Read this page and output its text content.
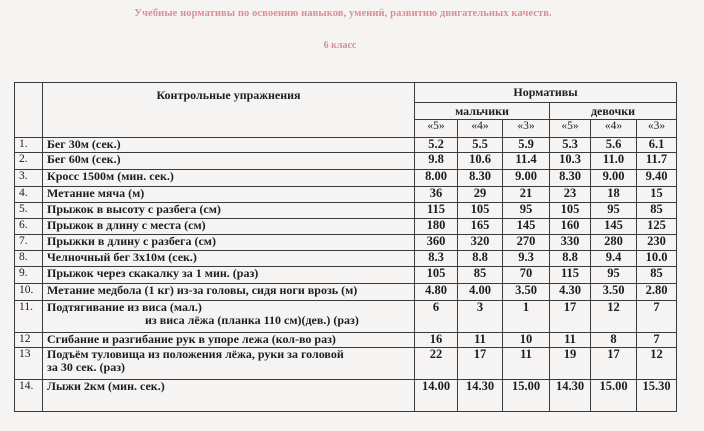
Учебные нормативы по освоению навыков, умений, развитию двигательных качеств.
6 класс
	Контрольные упражнения	Нормативы					
		мальчики			девочки		
		«5»	«4»	«3»	«5»	«4»	«3»
1.	Бег 30м (сек.)	5.2	5.5	5.9	5.3	5.6	6.1
2.	Бег 60м (сек.)	9.8	10.6	11.4	10.3	11.0	11.7
3.	Кросс 1500м (мин. сек.)	8.00	8.30	9.00	8.30	9.00	9.40
4.	Метание мяча (м)	36	29	21	23	18	15
5.	Прыжок в высоту с разбега (см)	115	105	95	105	95	85
6.	Прыжок в длину с места (см)	180	165	145	160	145	125
7.	Прыжки в длину с разбега (см)	360	320	270	330	280	230
8.	Челночный бег 3х10м (сек.)	8.3	8.8	9.3	8.8	9.4	10.0
9.	Прыжок через скакалку за 1 мин. (раз)	105	85	70	115	95	85
10.	Метание медбола (1 кг) из-за головы, сидя ноги врозь (м)	4.80	4.00	3.50	4.30	3.50	2.80
11.	Подтягивание из виса (мал.)
из виса лёжа (планка 110 см)(дев.) (раз)	6	3	1	17	12	7
12	Сгибание и разгибание рук в упоре лежа (кол-во раз)	16	11	10	11	8	7
13	Подъём туловища из положения лёжа, руки за головой
за 30 сек. (раз)	22	17	11	19	17	12
14.	Лыжи 2км (мин. сек.)	14.00	14.30	15.00	14.30	15.00	15.30
